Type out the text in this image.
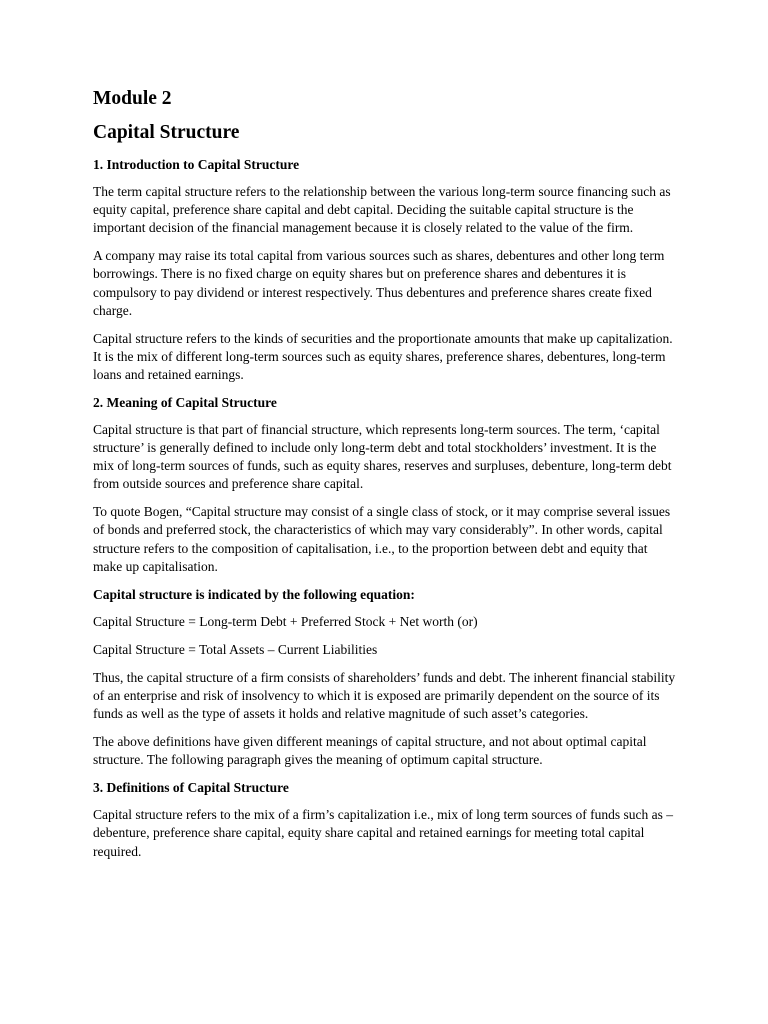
Module 2
Capital Structure
1. Introduction to Capital Structure
The term capital structure refers to the relationship between the various long-term source financing such as equity capital, preference share capital and debt capital. Deciding the suitable capital structure is the important decision of the financial management because it is closely related to the value of the firm.
A company may raise its total capital from various sources such as shares, debentures and other long term borrowings. There is no fixed charge on equity shares but on preference shares and debentures it is compulsory to pay dividend or interest respectively. Thus debentures and preference shares create fixed charge.
Capital structure refers to the kinds of securities and the proportionate amounts that make up capitalization. It is the mix of different long-term sources such as equity shares, preference shares, debentures, long-term loans and retained earnings.
2. Meaning of Capital Structure
Capital structure is that part of financial structure, which represents long-term sources. The term, ‘capital structure’ is generally defined to include only long-term debt and total stockholders’ investment. It is the mix of long-term sources of funds, such as equity shares, reserves and surpluses, debenture, long-term debt from outside sources and preference share capital.
To quote Bogen, “Capital structure may consist of a single class of stock, or it may comprise several issues of bonds and preferred stock, the characteristics of which may vary considerably”. In other words, capital structure refers to the composition of capitalisation, i.e., to the proportion between debt and equity that make up capitalisation.
Capital structure is indicated by the following equation:
Capital Structure = Long-term Debt + Preferred Stock + Net worth (or)
Capital Structure = Total Assets – Current Liabilities
Thus, the capital structure of a firm consists of shareholders’ funds and debt. The inherent financial stability of an enterprise and risk of insolvency to which it is exposed are primarily dependent on the source of its funds as well as the type of assets it holds and relative magnitude of such asset’s categories.
The above definitions have given different meanings of capital structure, and not about optimal capital structure. The following paragraph gives the meaning of optimum capital structure.
3. Definitions of Capital Structure
Capital structure refers to the mix of a firm’s capitalization i.e., mix of long term sources of funds such as – debenture, preference share capital, equity share capital and retained earnings for meeting total capital required.
